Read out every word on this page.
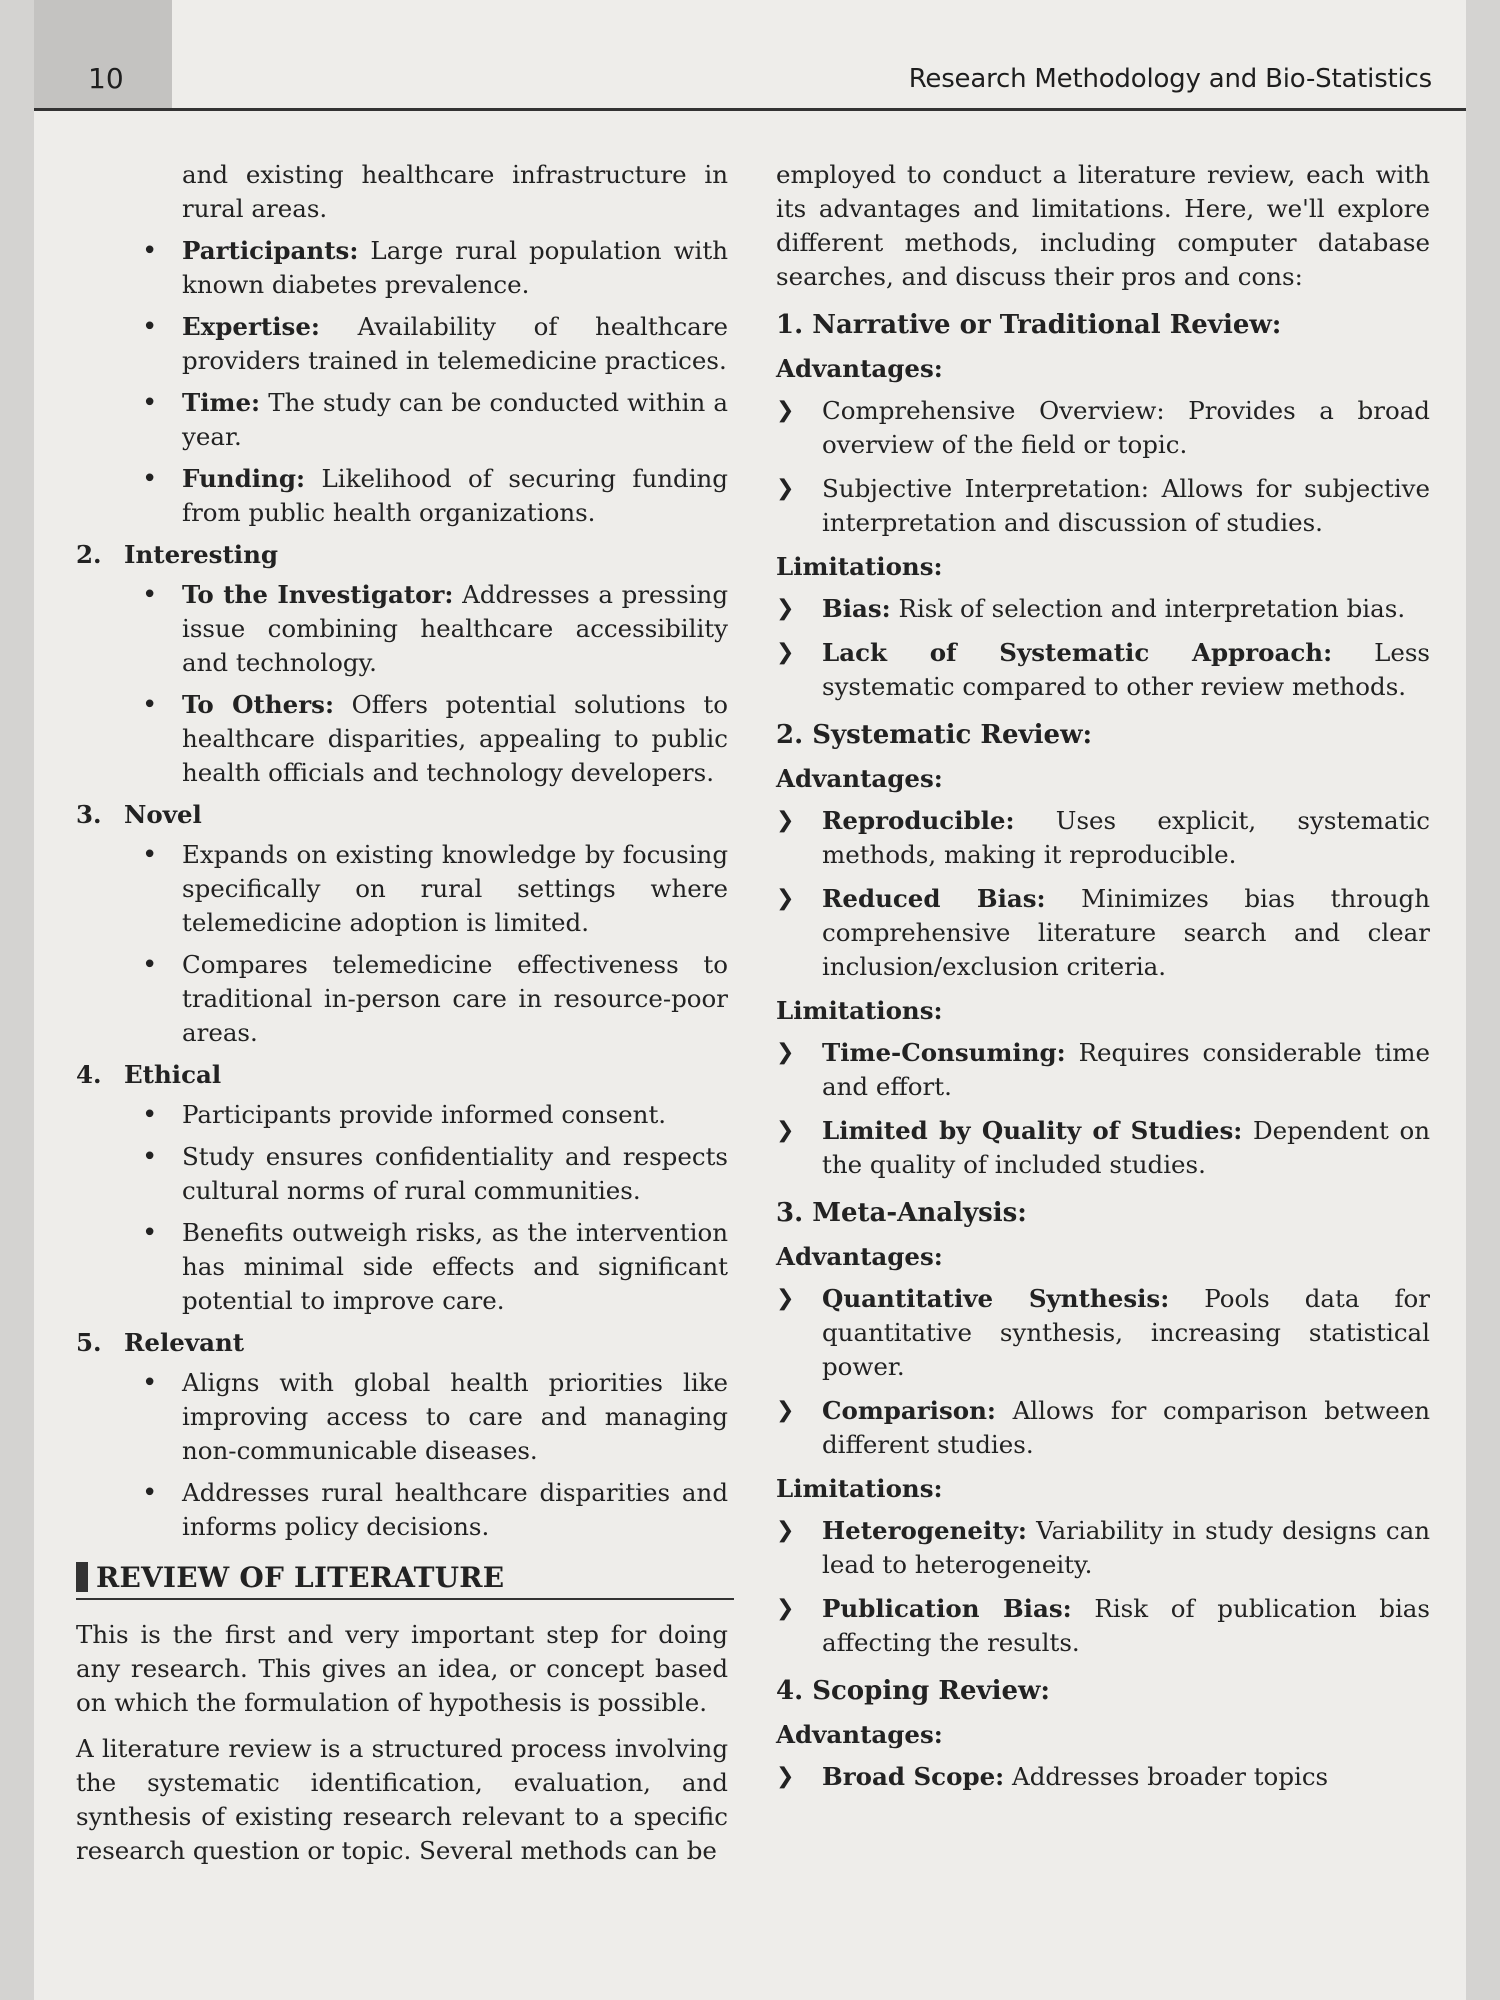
10	Research Methodology and Bio-Statistics

and existing healthcare infrastructure in rural areas.

• Participants: Large rural population with known diabetes prevalence.
• Expertise: Availability of healthcare providers trained in telemedicine practices.
• Time: The study can be conducted within a year.
• Funding: Likelihood of securing funding from public health organizations.
2. Interesting
• To the Investigator: Addresses a pressing issue combining healthcare accessibility and technology.
• To Others: Offers potential solutions to healthcare disparities, appealing to public health officials and technology developers.
3. Novel
• Expands on existing knowledge by focusing specifically on rural settings where telemedicine adoption is limited.
• Compares telemedicine effectiveness to traditional in-person care in resource-poor areas.
4. Ethical
• Participants provide informed consent.
• Study ensures confidentiality and respects cultural norms of rural communities.
• Benefits outweigh risks, as the intervention has minimal side effects and significant potential to improve care.
5. Relevant
• Aligns with global health priorities like improving access to care and managing non-communicable diseases.
• Addresses rural healthcare disparities and informs policy decisions.
REVIEW OF LITERATURE

This is the first and very important step for doing any research. This gives an idea, or concept based on which the formulation of hypothesis is possible.

A literature review is a structured process involving the systematic identification, evaluation, and synthesis of existing research relevant to a specific research question or topic. Several methods can be

employed to conduct a literature review, each with its advantages and limitations. Here, we'll explore different methods, including computer database searches, and discuss their pros and cons:

1. Narrative or Traditional Review:
Advantages:
❯ Comprehensive Overview: Provides a broad overview of the field or topic.
❯ Subjective Interpretation: Allows for subjective interpretation and discussion of studies.
Limitations:
❯ Bias: Risk of selection and interpretation bias.
❯ Lack of Systematic Approach: Less systematic compared to other review methods.
2. Systematic Review:
Advantages:
❯ Reproducible: Uses explicit, systematic methods, making it reproducible.
❯ Reduced Bias: Minimizes bias through comprehensive literature search and clear inclusion/exclusion criteria.
Limitations:
❯ Time-Consuming: Requires considerable time and effort.
❯ Limited by Quality of Studies: Dependent on the quality of included studies.
3. Meta-Analysis:
Advantages:
❯ Quantitative Synthesis: Pools data for quantitative synthesis, increasing statistical power.
❯ Comparison: Allows for comparison between different studies.
Limitations:
❯ Heterogeneity: Variability in study designs can lead to heterogeneity.
❯ Publication Bias: Risk of publication bias affecting the results.
4. Scoping Review:
Advantages:
❯ Broad Scope: Addresses broader topics
